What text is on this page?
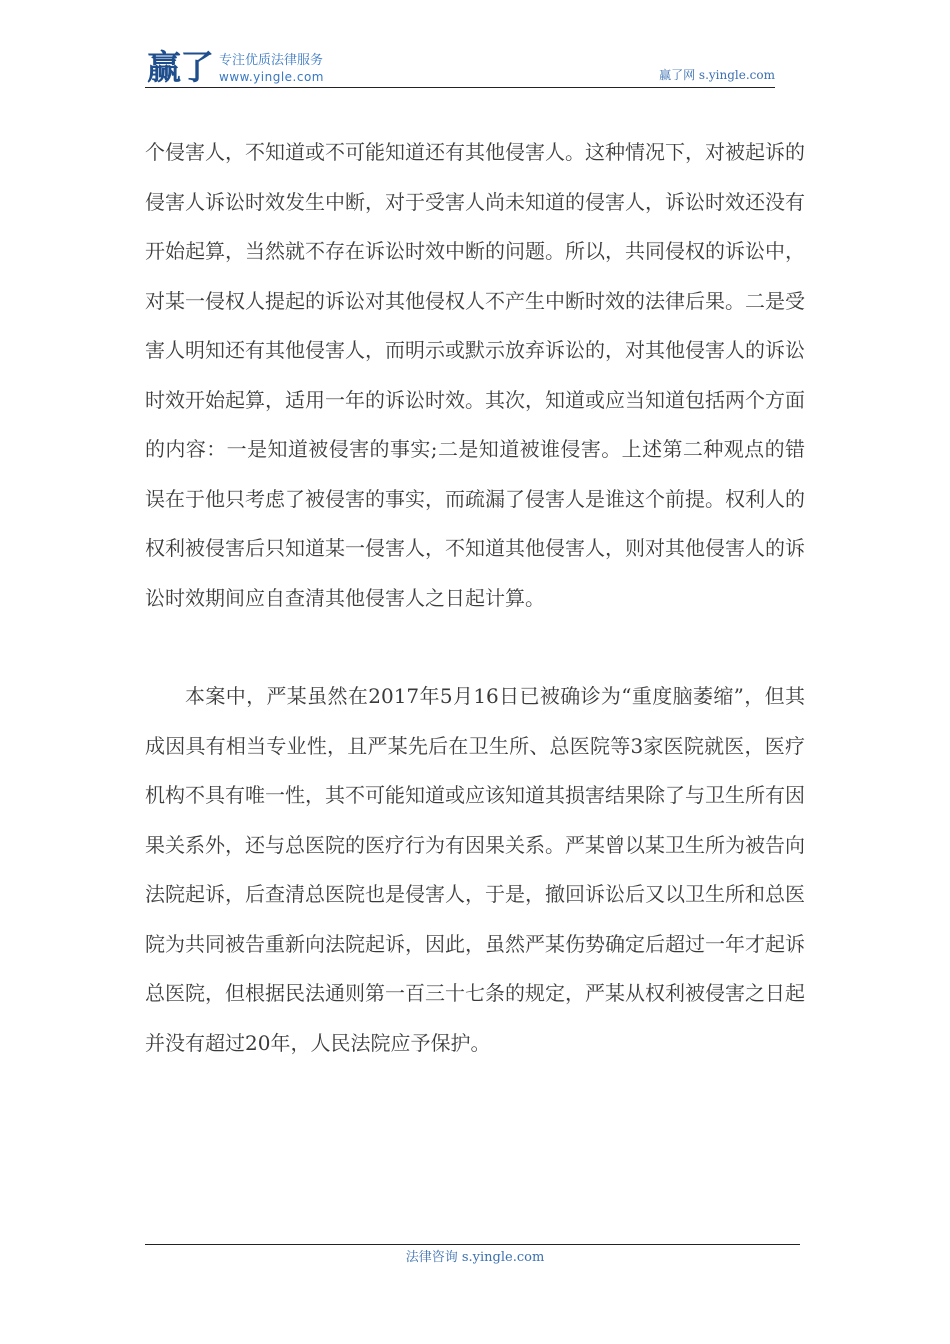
赢了 专注优质法律服务
www.yingle.com	赢了网 s.yingle.com

个侵害人，不知道或不可能知道还有其他侵害人。这种情况下，对被起诉的侵害人诉讼时效发生中断，对于受害人尚未知道的侵害人，诉讼时效还没有开始起算，当然就不存在诉讼时效中断的问题。所以，共同侵权的诉讼中，对某一侵权人提起的诉讼对其他侵权人不产生中断时效的法律后果。二是受害人明知还有其他侵害人，而明示或默示放弃诉讼的，对其他侵害人的诉讼时效开始起算，适用一年的诉讼时效。其次，知道或应当知道包括两个方面的内容：一是知道被侵害的事实;二是知道被谁侵害。上述第二种观点的错误在于他只考虑了被侵害的事实，而疏漏了侵害人是谁这个前提。权利人的权利被侵害后只知道某一侵害人，不知道其他侵害人，则对其他侵害人的诉讼时效期间应自查清其他侵害人之日起计算。

本案中，严某虽然在2017年5月16日已被确诊为“重度脑萎缩”，但其成因具有相当专业性，且严某先后在卫生所、总医院等3家医院就医，医疗机构不具有唯一性，其不可能知道或应该知道其损害结果除了与卫生所有因果关系外，还与总医院的医疗行为有因果关系。严某曾以某卫生所为被告向法院起诉，后查清总医院也是侵害人，于是，撤回诉讼后又以卫生所和总医院为共同被告重新向法院起诉，因此，虽然严某伤势确定后超过一年才起诉总医院，但根据民法通则第一百三十七条的规定，严某从权利被侵害之日起并没有超过20年，人民法院应予保护。

法律咨询 s.yingle.com
